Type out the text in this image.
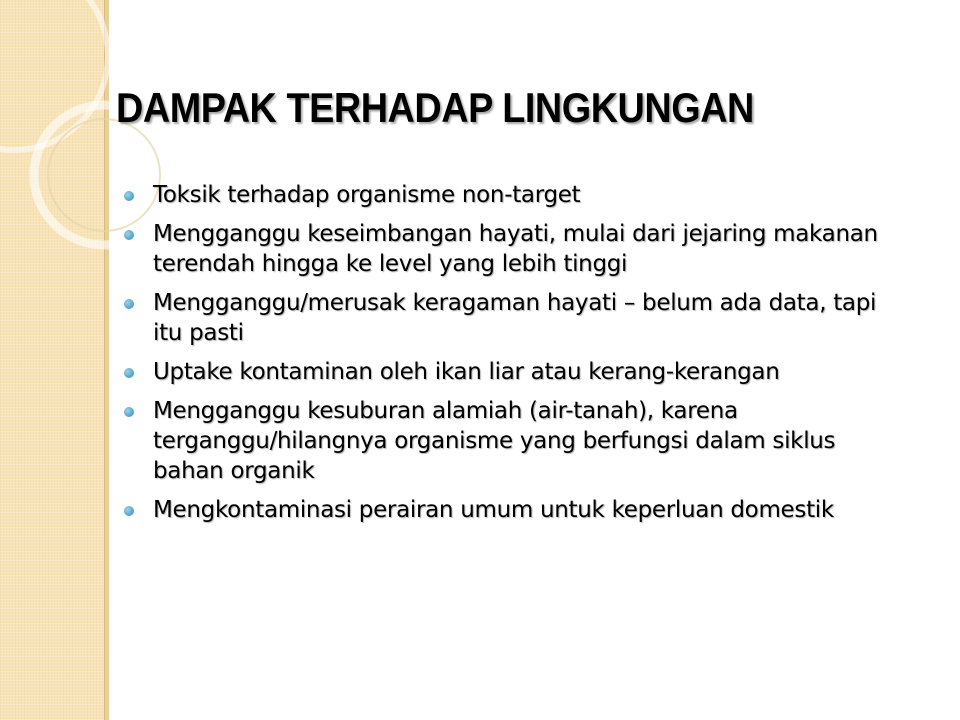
DAMPAK TERHADAP LINGKUNGAN
Toksik terhadap organisme non-target
Mengganggu keseimbangan hayati, mulai dari jejaring makanan terendah hingga ke level yang lebih tinggi
Mengganggu/merusak keragaman hayati – belum ada data, tapi itu pasti
Uptake kontaminan oleh ikan liar atau kerang-kerangan
Mengganggu kesuburan alamiah (air-tanah), karena terganggu/hilangnya organisme yang berfungsi dalam siklus bahan organik
Mengkontaminasi perairan umum untuk keperluan domestik
